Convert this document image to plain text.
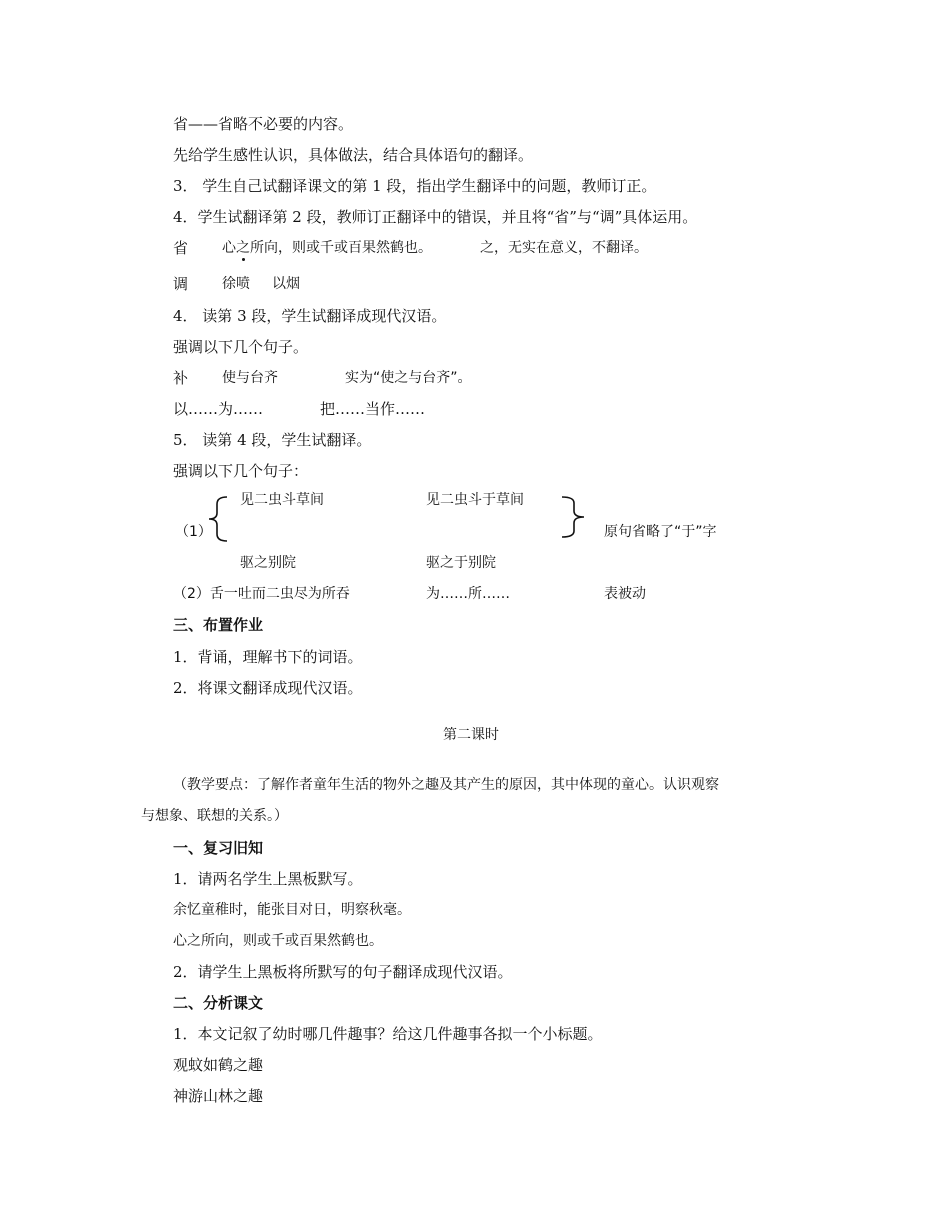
省——省略不必要的内容。
先给学生感性认识，具体做法，结合具体语句的翻译。
3． 学生自己试翻译课文的第 1 段，指出学生翻译中的问题，教师订正。
4．学生试翻译第 2 段，教师订正翻译中的错误，并且将“省”与“调”具体运用。
省 心之所向，则或千或百果然鹤也。	之，无实在意义，不翻译。
调 徐喷 以烟
4． 读第 3 段，学生试翻译成现代汉语。
强调以下几个句子。
补 使与台齐	实为“使之与台齐”。
以……为……	把……当作……
5． 读第 4 段，学生试翻译。
强调以下几个句子：
见二虫斗草间	见二虫斗于草间
（1）	原句省略了“于”字
驱之别院	驱之于别院
（2）舌一吐而二虫尽为所吞	为……所……	表被动
三、布置作业
1．背诵，理解书下的词语。
2．将课文翻译成现代汉语。
第二课时
（教学要点：了解作者童年生活的物外之趣及其产生的原因，其中体现的童心。认识观察
与想象、联想的关系。）
一、复习旧知
1．请两名学生上黑板默写。
余忆童稚时，能张目对日，明察秋毫。
心之所向，则或千或百果然鹤也。
2．请学生上黑板将所默写的句子翻译成现代汉语。
二、分析课文
1．本文记叙了幼时哪几件趣事？给这几件趣事各拟一个小标题。
观蚊如鹤之趣
神游山林之趣
